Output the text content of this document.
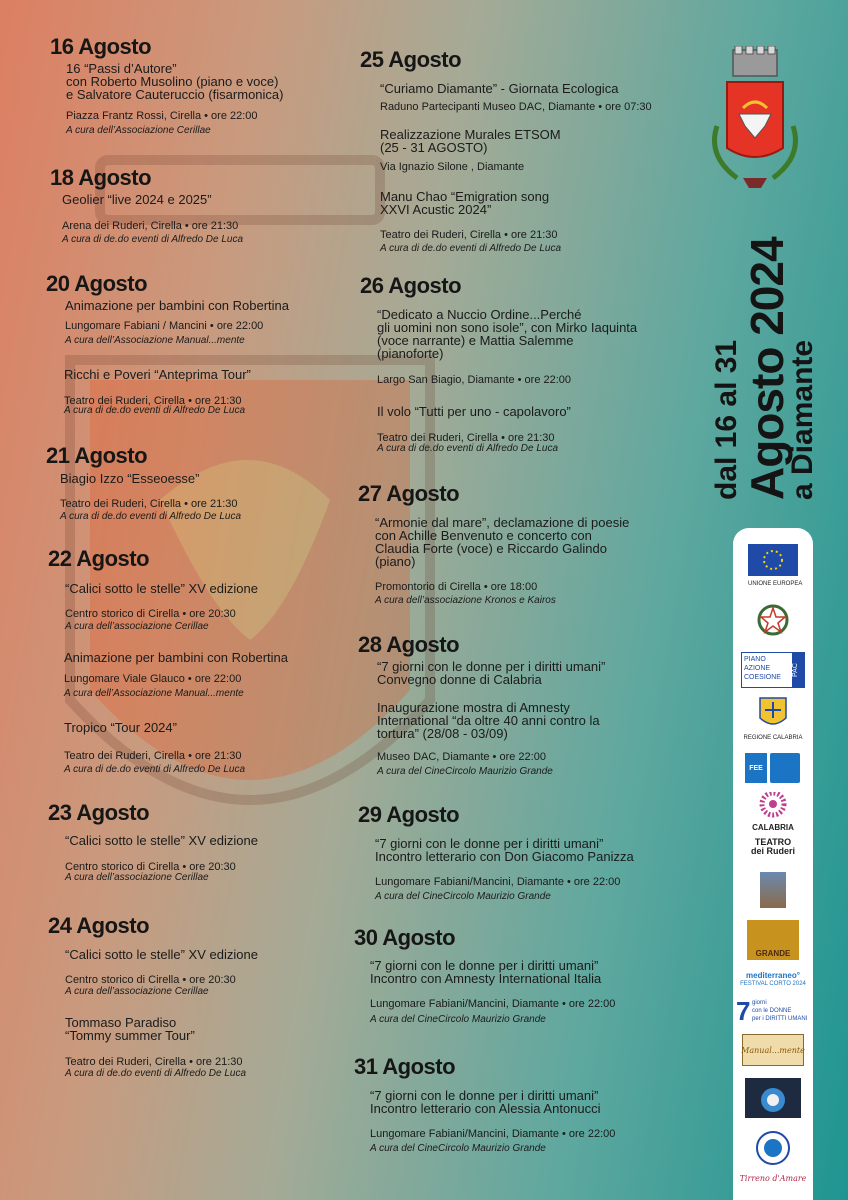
16 Agosto
16 “Passi d’Autore”
con Roberto Musolino (piano e voce)
e Salvatore Cauteruccio (fisarmonica)
Piazza Frantz Rossi, Cirella • ore 22:00
A cura dell’Associazione Cerillae
18 Agosto
Geolier “live 2024 e 2025”
Arena dei Ruderi, Cirella • ore 21:30
A cura di de.do eventi di Alfredo De Luca
20 Agosto
Animazione per bambini con Robertina
Lungomare Fabiani / Mancini • ore 22:00
A cura dell’Associazione Manual...mente
Ricchi e Poveri “Anteprima Tour”
Teatro dei Ruderi, Cirella • ore 21:30
A cura di de.do eventi di Alfredo De Luca
21 Agosto
Biagio Izzo “Esseoesse”
Teatro dei Ruderi, Cirella • ore 21:30
A cura di de.do eventi di Alfredo De Luca
22 Agosto
“Calici sotto le stelle” XV edizione
Centro storico di Cirella • ore 20:30
A cura dell’associazione Cerillae
Animazione per bambini con Robertina
Lungomare Viale Glauco • ore 22:00
A cura dell’Associazione Manual...mente
Tropico “Tour 2024”
Teatro dei Ruderi, Cirella • ore 21:30
A cura di de.do eventi di Alfredo De Luca
23 Agosto
“Calici sotto le stelle” XV edizione
Centro storico di Cirella • ore 20:30
A cura dell’associazione Cerillae
24 Agosto
“Calici sotto le stelle” XV edizione
Centro storico di Cirella • ore 20:30
A cura dell’associazione Cerillae
Tommaso Paradiso
“Tommy summer Tour”
Teatro dei Ruderi, Cirella • ore 21:30
A cura di de.do eventi di Alfredo De Luca
25 Agosto
“Curiamo Diamante” - Giornata Ecologica
Raduno Partecipanti Museo DAC, Diamante • ore 07:30
Realizzazione Murales ETSOM
(25 - 31 AGOSTO)
Via Ignazio Silone , Diamante
Manu Chao “Emigration song
XXVI Acustic 2024”
Teatro dei Ruderi, Cirella • ore 21:30
A cura di de.do eventi di Alfredo De Luca
26 Agosto
“Dedicato a Nuccio Ordine...Perché
gli uomini non sono isole”, con Mirko Iaquinta
(voce narrante) e Mattia Salemme
(pianoforte)
Largo San Biagio, Diamante • ore 22:00
Il volo “Tutti per uno - capolavoro”
Teatro dei Ruderi, Cirella • ore 21:30
A cura di de.do eventi di Alfredo De Luca
27 Agosto
“Armonie dal mare”, declamazione di poesie
con Achille Benvenuto e concerto con
Claudia Forte (voce) e Riccardo Galindo
(piano)
Promontorio di Cirella • ore 18:00
A cura dell’associazione Kronos e Kairos
28 Agosto
“7 giorni con le donne per i diritti umani”
Convegno donne di Calabria
Inaugurazione mostra di Amnesty
International “da oltre 40 anni contro la
tortura” (28/08 - 03/09)
Museo DAC, Diamante • ore 22:00
A cura del CineCircolo Maurizio Grande
29 Agosto
“7 giorni con le donne per i diritti umani”
Incontro letterario con Don Giacomo Panizza
Lungomare Fabiani/Mancini, Diamante • ore 22:00
A cura del CineCircolo Maurizio Grande
30 Agosto
“7 giorni con le donne per i diritti umani”
Incontro con Amnesty International Italia
Lungomare Fabiani/Mancini, Diamante • ore 22:00
A cura del CineCircolo Maurizio Grande
31 Agosto
“7 giorni con le donne per i diritti umani”
Incontro letterario con Alessia Antonucci
Lungomare Fabiani/Mancini, Diamante • ore 22:00
A cura del CineCircolo Maurizio Grande
dal 16 al 31
Agosto 2024
a Diamante
UNIONE EUROPEA
PIANO
AZIONE
COESIONE
PAC
REGIONE CALABRIA
FEE
CALABRIA
TEATRO
dei Ruderi
GRANDE
mediterraneo°
FESTIVAL CORTO 2024
7 giorni
con le DONNE
per i DIRITTI UMANI
Manual...mente
Tirreno d'Amare
